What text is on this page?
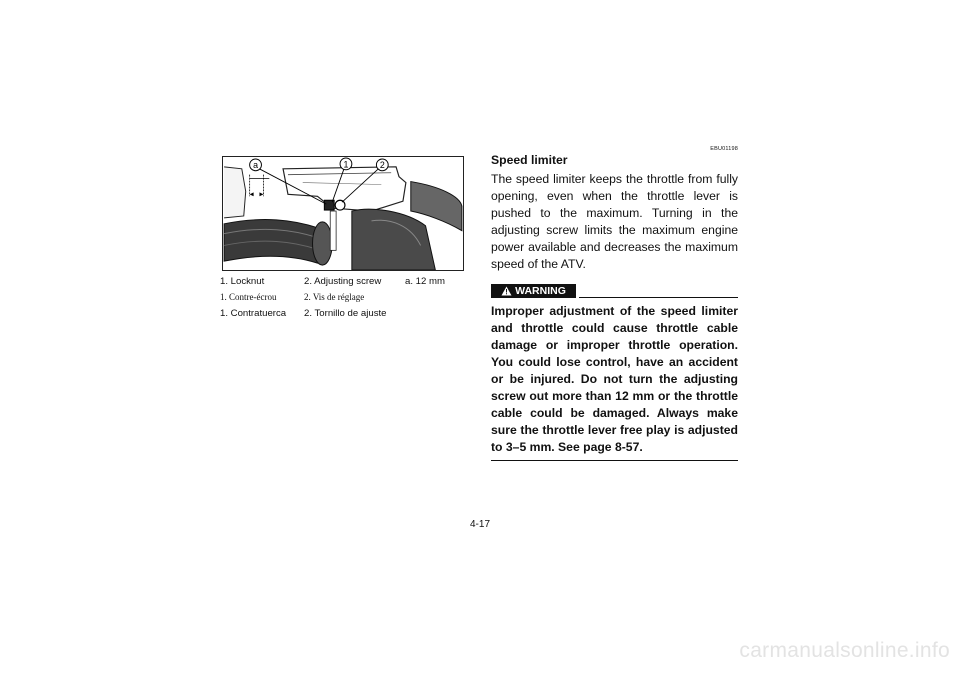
a	1	2
1. Locknut	2. Adjusting screw a. 12 mm
1. Contre-écrou	2. Vis de réglage
1. Contratuerca 2. Tornillo de ajuste
EBU01198
Speed limiter
The speed limiter keeps the throttle from fully opening, even when the throttle lever is pushed to the maximum. Turning in the adjusting screw limits the maximum engine power available and decreases the maximum speed of the ATV.
WARNING
Improper adjustment of the speed limiter and throttle could cause throttle cable damage or improper throttle operation. You could lose control, have an accident or be injured. Do not turn the adjusting screw out more than 12 mm or the throttle cable could be damaged. Always make sure the throttle lever free play is adjusted to 3–5 mm. See page 8-57.
4-17
carmanualsonline.info
